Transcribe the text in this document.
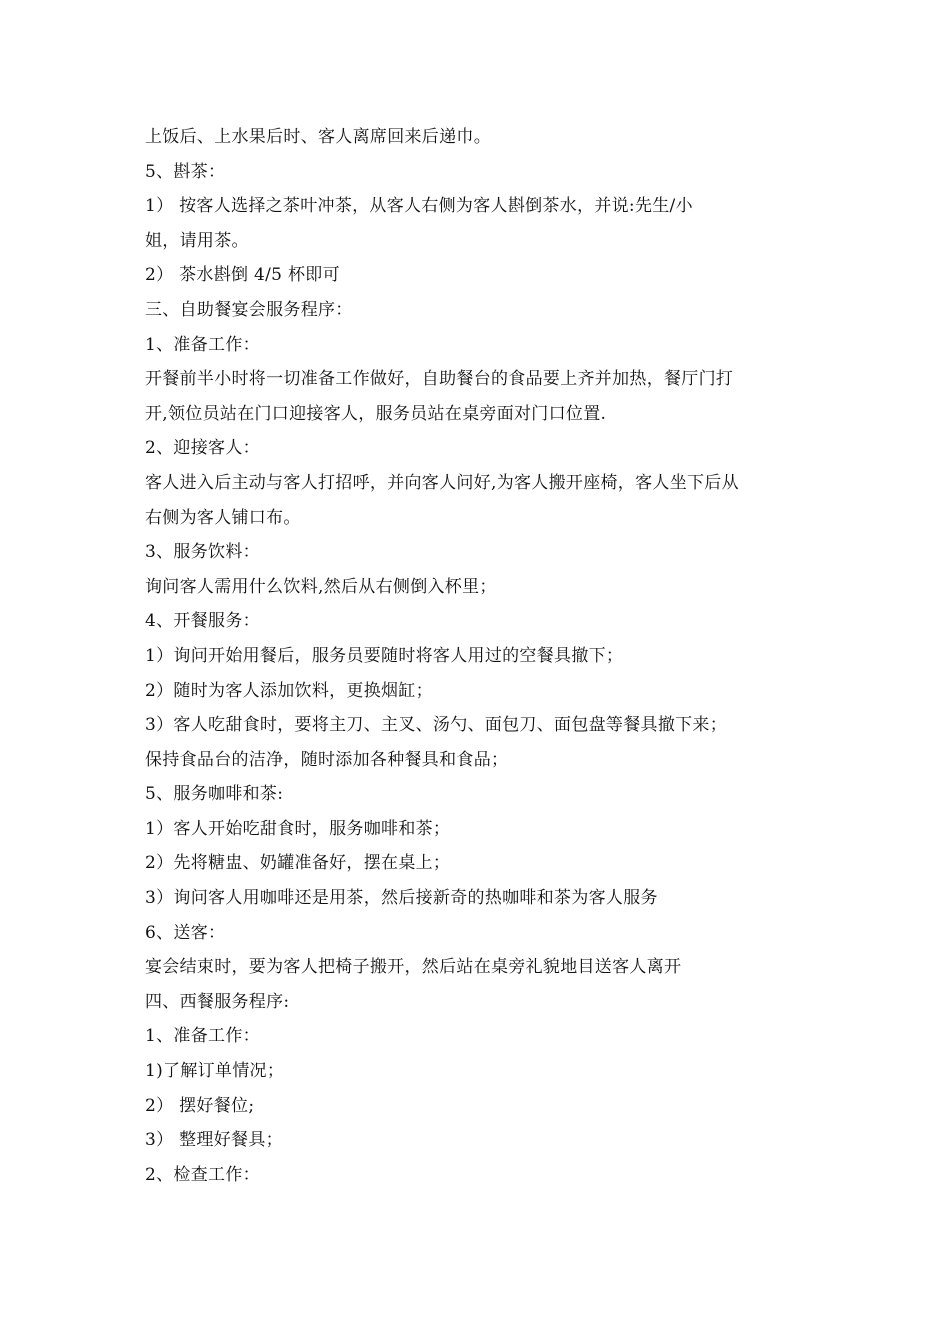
上饭后、上水果后时、客人离席回来后递巾。

5、斟茶：

1） 按客人选择之茶叶冲茶，从客人右侧为客人斟倒茶水，并说:先生/小

姐，请用茶。

2） 茶水斟倒 4/5 杯即可

三、自助餐宴会服务程序：

1、准备工作：

开餐前半小时将一切准备工作做好，自助餐台的食品要上齐并加热，餐厅门打

开,领位员站在门口迎接客人，服务员站在桌旁面对门口位置.

2、迎接客人：

客人进入后主动与客人打招呼，并向客人问好,为客人搬开座椅，客人坐下后从

右侧为客人铺口布。

3、服务饮料：

询问客人需用什么饮料,然后从右侧倒入杯里；

4、开餐服务：

1）询问开始用餐后，服务员要随时将客人用过的空餐具撤下；

2）随时为客人添加饮料，更换烟缸；

3）客人吃甜食时，要将主刀、主叉、汤勺、面包刀、面包盘等餐具撤下来；

保持食品台的洁净，随时添加各种餐具和食品；

5、服务咖啡和茶:

1）客人开始吃甜食时，服务咖啡和茶；

2）先将糖盅、奶罐准备好，摆在桌上；

3）询问客人用咖啡还是用茶，然后接新奇的热咖啡和茶为客人服务

6、送客：

宴会结束时，要为客人把椅子搬开，然后站在桌旁礼貌地目送客人离开

四、西餐服务程序:

1、准备工作：

1)了解订单情况；

2） 摆好餐位;

3） 整理好餐具；

2、检查工作：
